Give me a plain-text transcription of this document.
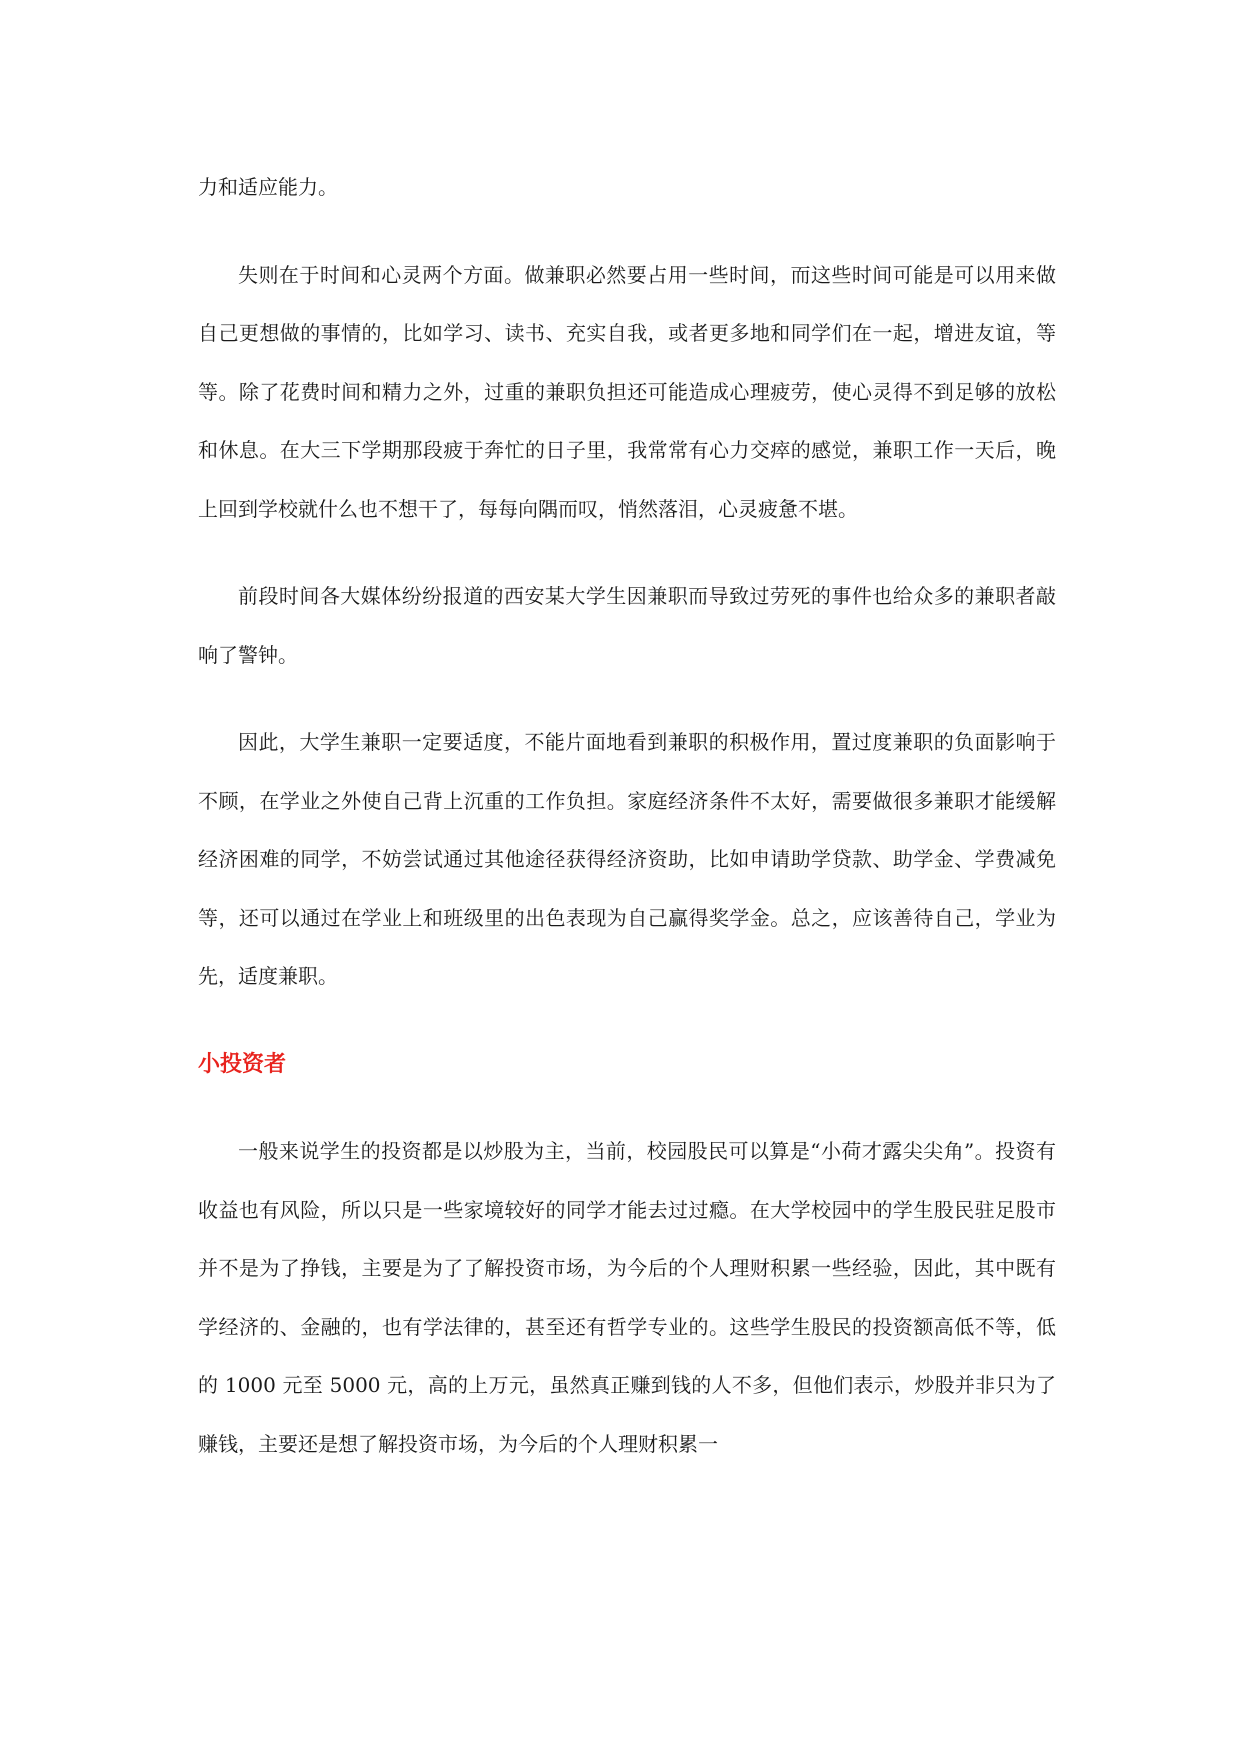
力和适应能力。

失则在于时间和心灵两个方面。做兼职必然要占用一些时间，而这些时间可能是可以用来做自己更想做的事情的，比如学习、读书、充实自我，或者更多地和同学们在一起，增进友谊，等等。除了花费时间和精力之外，过重的兼职负担还可能造成心理疲劳，使心灵得不到足够的放松和休息。在大三下学期那段疲于奔忙的日子里，我常常有心力交瘁的感觉，兼职工作一天后，晚上回到学校就什么也不想干了，每每向隅而叹，悄然落泪，心灵疲惫不堪。

前段时间各大媒体纷纷报道的西安某大学生因兼职而导致过劳死的事件也给众多的兼职者敲响了警钟。

因此，大学生兼职一定要适度，不能片面地看到兼职的积极作用，置过度兼职的负面影响于不顾，在学业之外使自己背上沉重的工作负担。家庭经济条件不太好，需要做很多兼职才能缓解经济困难的同学，不妨尝试通过其他途径获得经济资助，比如申请助学贷款、助学金、学费减免等，还可以通过在学业上和班级里的出色表现为自己赢得奖学金。总之，应该善待自己，学业为先，适度兼职。

小投资者

一般来说学生的投资都是以炒股为主，当前，校园股民可以算是“小荷才露尖尖角”。投资有收益也有风险，所以只是一些家境较好的同学才能去过过瘾。在大学校园中的学生股民驻足股市并不是为了挣钱，主要是为了了解投资市场，为今后的个人理财积累一些经验，因此，其中既有学经济的、金融的，也有学法律的，甚至还有哲学专业的。这些学生股民的投资额高低不等，低的 1000 元至 5000 元，高的上万元，虽然真正赚到钱的人不多，但他们表示，炒股并非只为了赚钱，主要还是想了解投资市场，为今后的个人理财积累一
